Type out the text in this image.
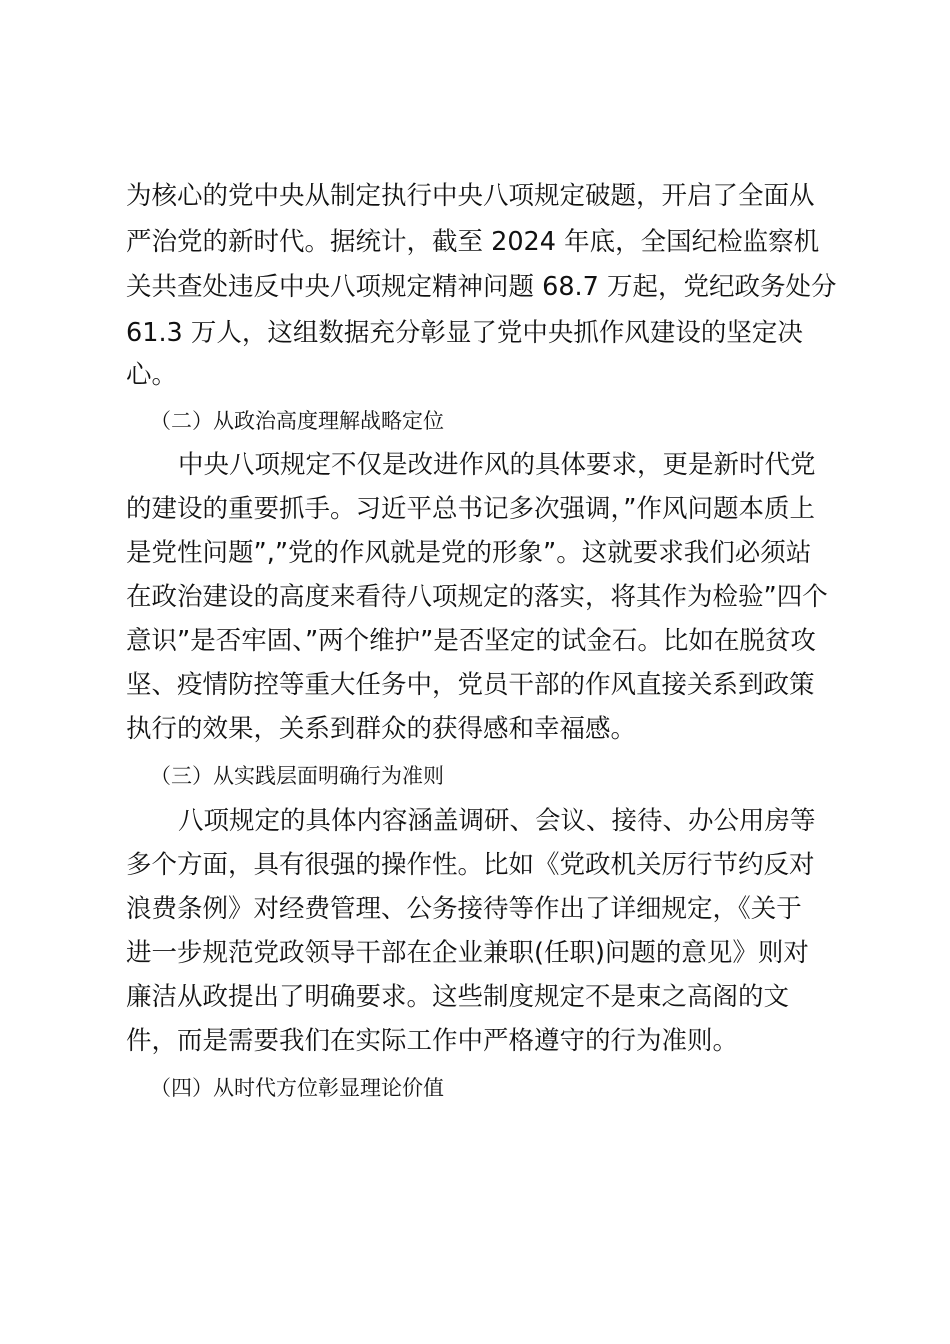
为核心的党中央从制定执行中央八项规定破题，开启了全面从
严治党的新时代。据统计，截至 2024 年底，全国纪检监察机
关共查处违反中央八项规定精神问题 68.7 万起，党纪政务处分
61.3 万人，这组数据充分彰显了党中央抓作风建设的坚定决
心。
（二）从政治高度理解战略定位
中央八项规定不仅是改进作风的具体要求，更是新时代党
的建设的重要抓手。习近平总书记多次强调，”作风问题本质上
是党性问题”,”党的作风就是党的形象”。这就要求我们必须站
在政治建设的高度来看待八项规定的落实，将其作为检验”四个
意识”是否牢固、”两个维护”是否坚定的试金石。比如在脱贫攻
坚、疫情防控等重大任务中，党员干部的作风直接关系到政策
执行的效果，关系到群众的获得感和幸福感。
（三）从实践层面明确行为准则
八项规定的具体内容涵盖调研、会议、接待、办公用房等
多个方面，具有很强的操作性。比如《党政机关厉行节约反对
浪费条例》对经费管理、公务接待等作出了详细规定，《关于
进一步规范党政领导干部在企业兼职(任职)问题的意见》则对
廉洁从政提出了明确要求。这些制度规定不是束之高阁的文
件，而是需要我们在实际工作中严格遵守的行为准则。
（四）从时代方位彰显理论价值
